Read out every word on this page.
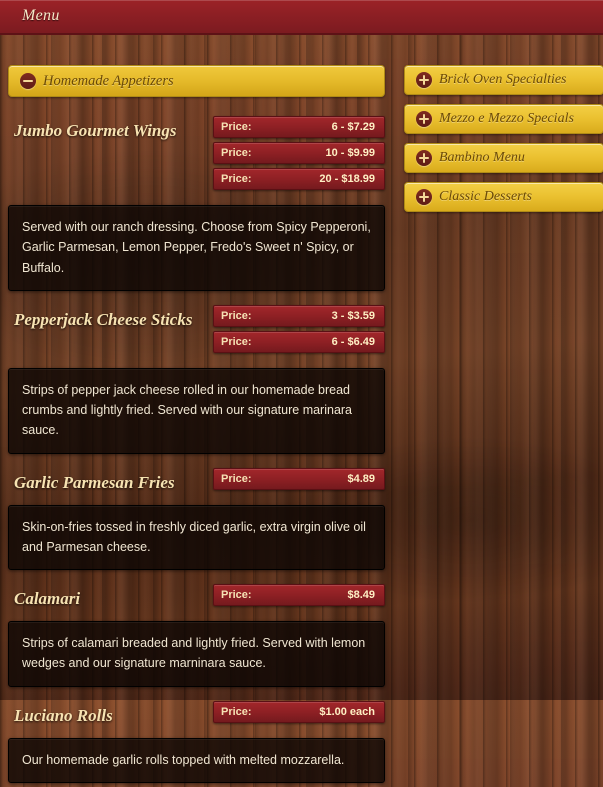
Menu
Homemade Appetizers
Jumbo Gourmet Wings	Price:	6 - $7.29
Price:	10 - $9.99
Price:	20 - $18.99
Served with our ranch dressing. Choose from Spicy Pepperoni, Garlic Parmesan, Lemon Pepper, Fredo's Sweet n' Spicy, or Buffalo.
Pepperjack Cheese Sticks	Price:	3 - $3.59
Price:	6 - $6.49
Strips of pepper jack cheese rolled in our homemade bread crumbs and lightly fried. Served with our signature marinara sauce.
Garlic Parmesan Fries	Price:	$4.89
Skin-on-fries tossed in freshly diced garlic, extra virgin olive oil and Parmesan cheese.
Calamari	Price:	$8.49
Strips of calamari breaded and lightly fried. Served with lemon wedges and our signature marninara sauce.
Luciano Rolls	Price:	$1.00 each
Our homemade garlic rolls topped with melted mozzarella.
Brick Oven Specialties
Mezzo e Mezzo Specials
Bambino Menu
Classic Desserts
